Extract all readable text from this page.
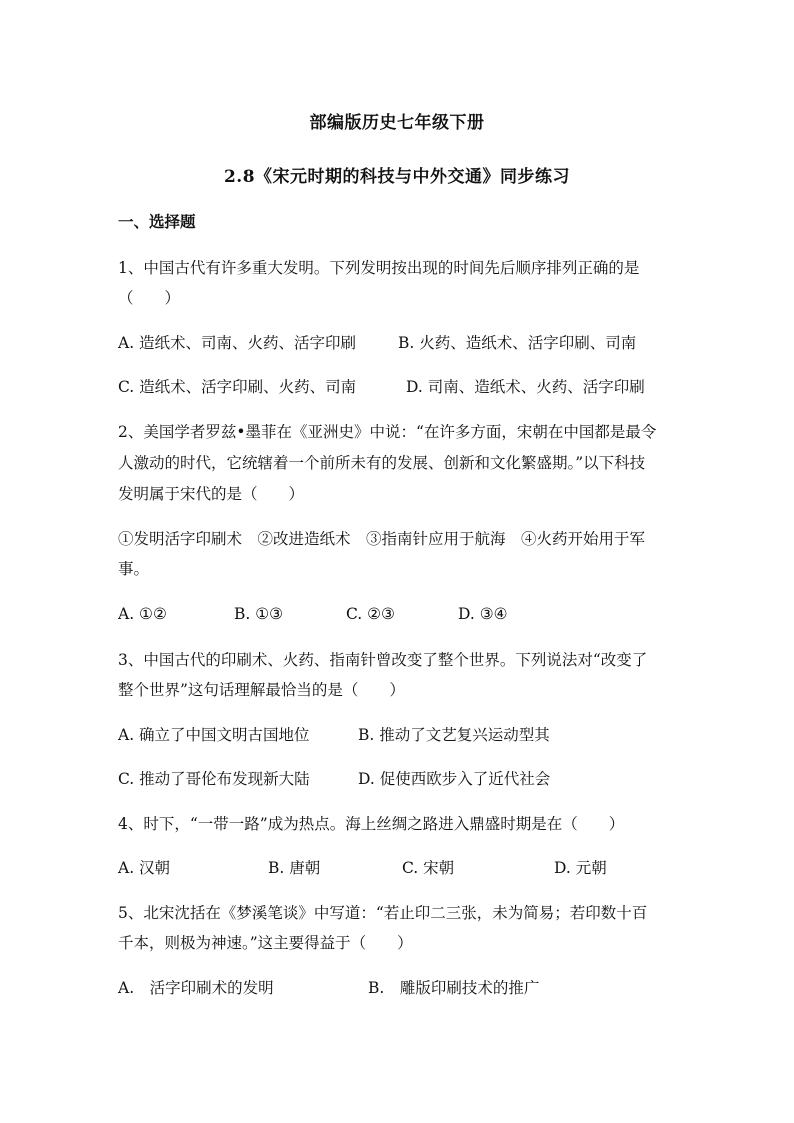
部编版历史七年级下册
2.8《宋元时期的科技与中外交通》同步练习
一、选择题
1、中国古代有许多重大发明。下列发明按出现的时间先后顺序排列正确的是
（　　）
A. 造纸术、司南、火药、活字印刷	B. 火药、造纸术、活字印刷、司南
C. 造纸术、活字印刷、火药、司南	D. 司南、造纸术、火药、活字印刷
2、美国学者罗兹•墨菲在《亚洲史》中说：“在许多方面，宋朝在中国都是最令
人激动的时代，它统辖着一个前所未有的发展、创新和文化繁盛期。”以下科技
发明属于宋代的是（　　）
①发明活字印刷术　②改进造纸术　③指南针应用于航海　④火药开始用于军
事。
A. ①②	B. ①③	C. ②③	D. ③④
3、中国古代的印刷术、火药、指南针曾改变了整个世界。下列说法对“改变了
整个世界”这句话理解最恰当的是（　　）
A. 确立了中国文明古国地位	B. 推动了文艺复兴运动型其
C. 推动了哥伦布发现新大陆	D. 促使西欧步入了近代社会
4、时下，“一带一路”成为热点。海上丝绸之路进入鼎盛时期是在（　　）
A. 汉朝	B. 唐朝	C. 宋朝	D. 元朝
5、北宋沈括在《梦溪笔谈》中写道：“若止印二三张，未为简易；若印数十百
千本，则极为神速。”这主要得益于（　　）
A.　活字印刷术的发明	B.　雕版印刷技术的推广
